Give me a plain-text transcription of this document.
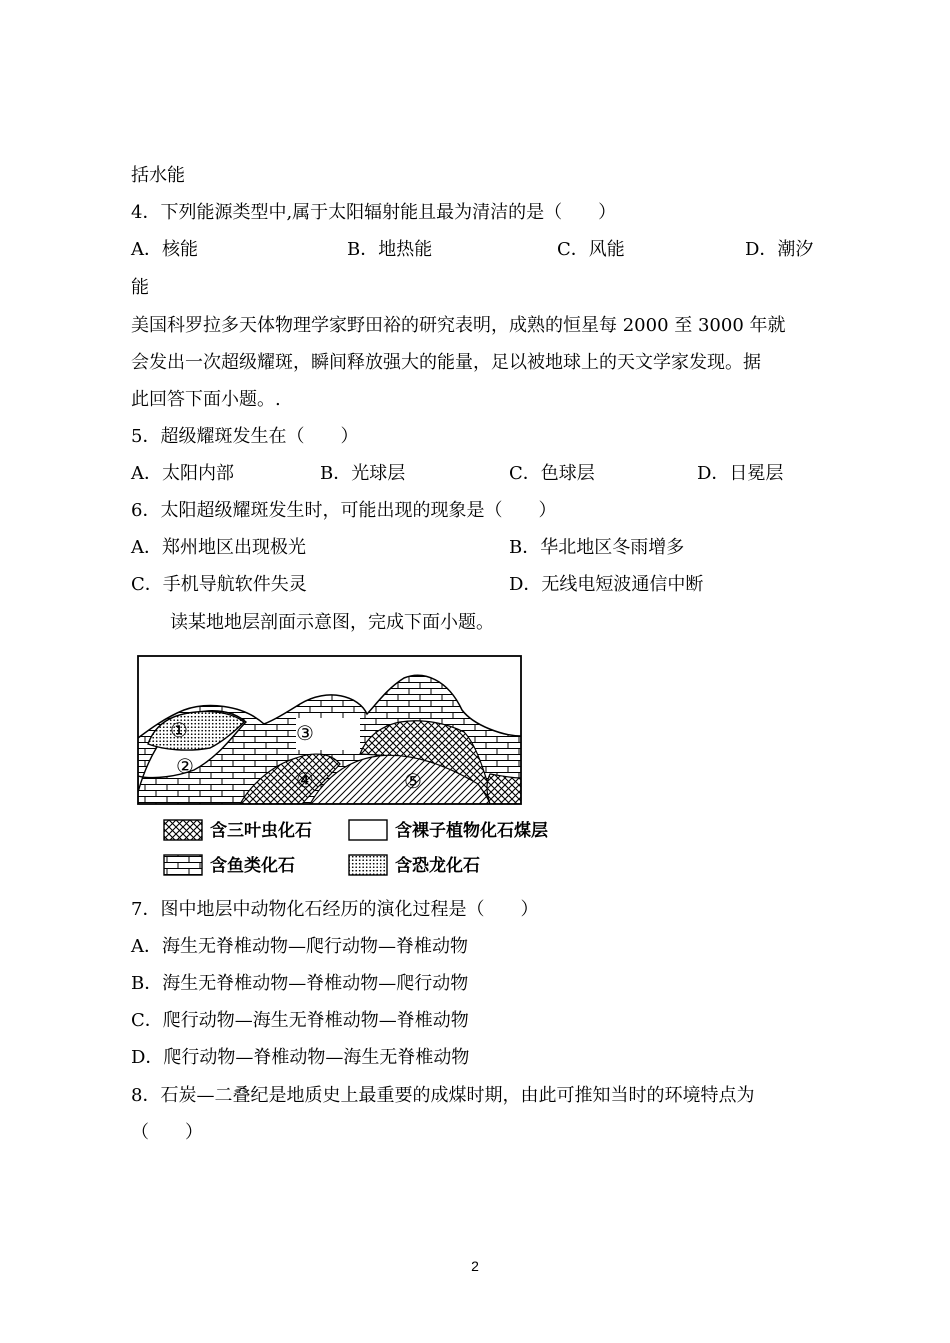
括水能
4．下列能源类型中,属于太阳辐射能且最为清洁的是（　　）
A．核能	B．地热能	C．风能	D．潮汐
能
美国科罗拉多天体物理学家野田裕的研究表明，成熟的恒星每 2000 至 3000 年就
会发出一次超级耀斑，瞬间释放强大的能量，足以被地球上的天文学家发现。据
此回答下面小题。.
5．超级耀斑发生在（　　）
A．太阳内部	B．光球层	C．色球层	D．日冕层
6．太阳超级耀斑发生时，可能出现的现象是（　　）
A．郑州地区出现极光	B．华北地区冬雨增多
C．手机导航软件失灵	D．无线电短波通信中断
读某地地层剖面示意图，完成下面小题。
①
②
③
④	⑤
含三叶虫化石	含裸子植物化石煤层
含鱼类化石	含恐龙化石
7．图中地层中动物化石经历的演化过程是（　　）
A．海生无脊椎动物—爬行动物—脊椎动物
B．海生无脊椎动物—脊椎动物—爬行动物
C．爬行动物—海生无脊椎动物—脊椎动物
D．爬行动物—脊椎动物—海生无脊椎动物
8．石炭—二叠纪是地质史上最重要的成煤时期，由此可推知当时的环境特点为
（　　）
2
